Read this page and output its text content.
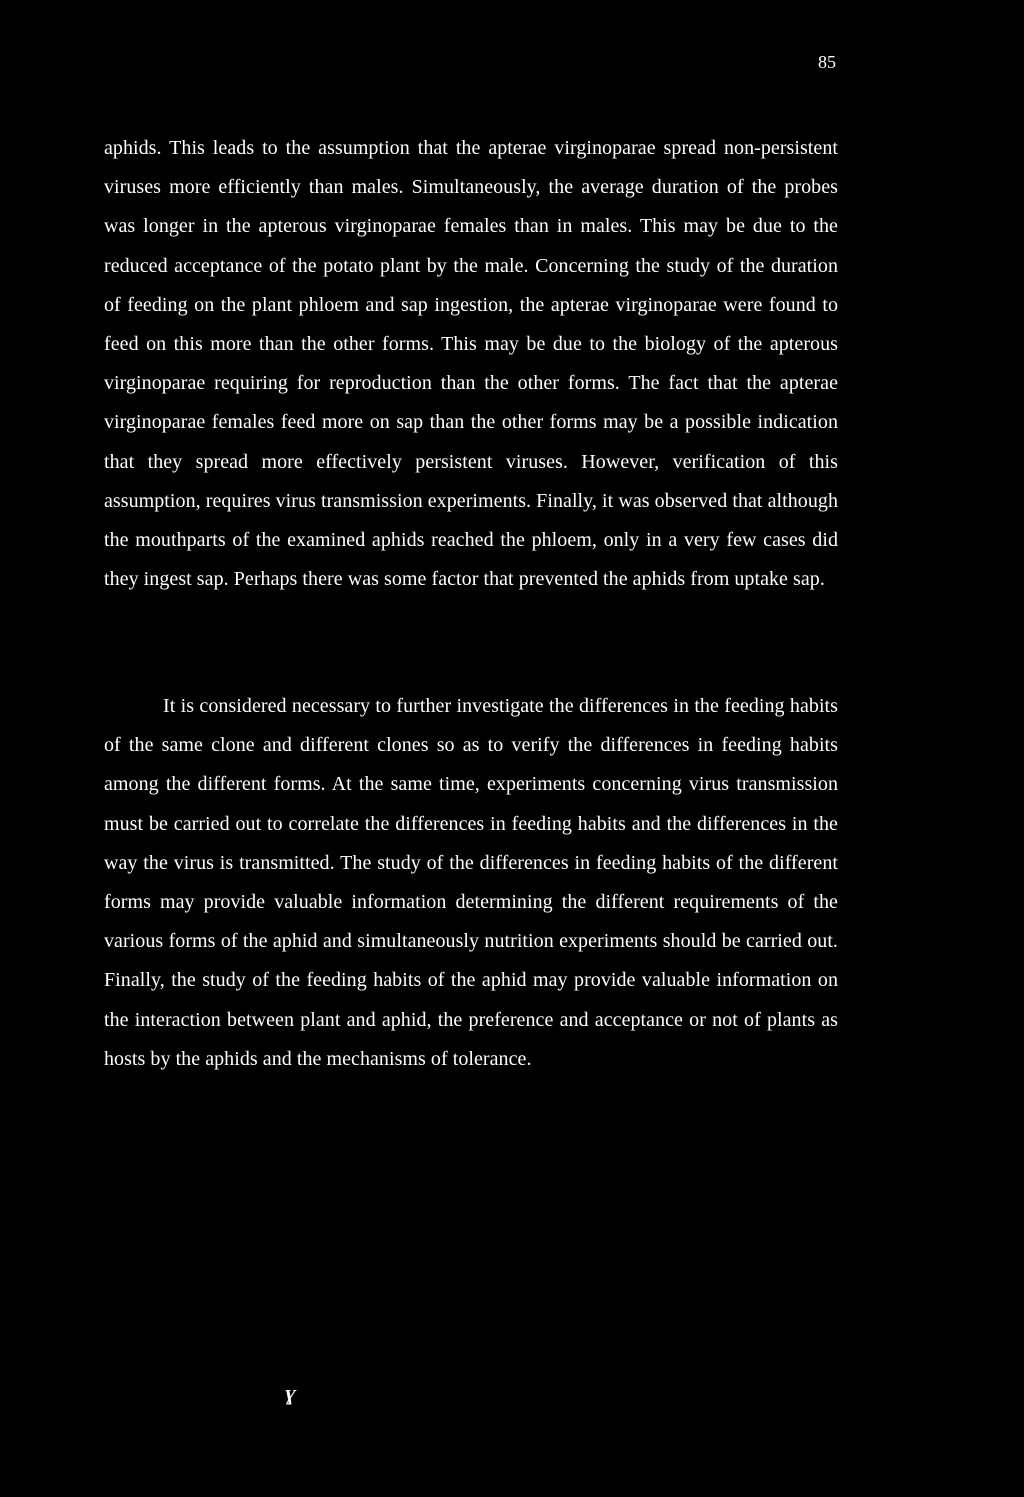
85

aphids. This leads to the assumption that the apterae virginoparae spread non-persistent viruses more efficiently than males. Simultaneously, the average duration of the probes was longer in the apterous virginoparae females than in males. This may be due to the reduced acceptance of the potato plant by the male. Concerning the study of the duration of feeding on the plant phloem and sap ingestion, the apterae virginoparae were found to feed on this more than the other forms. This may be due to the biology of the apterous virginoparae requiring for reproduction than the other forms. The fact that the apterae virginoparae females feed more on sap than the other forms may be a possible indication that they spread more effectively persistent viruses. However, verification of this assumption, requires virus transmission experiments. Finally, it was observed that although the mouthparts of the examined aphids reached the phloem, only in a very few cases did they ingest sap. Perhaps there was some factor that prevented the aphids from uptake sap.

It is considered necessary to further investigate the differences in the feeding habits of the same clone and different clones so as to verify the differences in feeding habits among the different forms. At the same time, experiments concerning virus transmission must be carried out to correlate the differences in feeding habits and the differences in the way the virus is transmitted. The study of the differences in feeding habits of the different forms may provide valuable information determining the different requirements of the various forms of the aphid and simultaneously nutrition experiments should be carried out. Finally, the study of the feeding habits of the aphid may provide valuable information on the interaction between plant and aphid, the preference and acceptance or not of plants as hosts by the aphids and the mechanisms of tolerance.

ɣ
